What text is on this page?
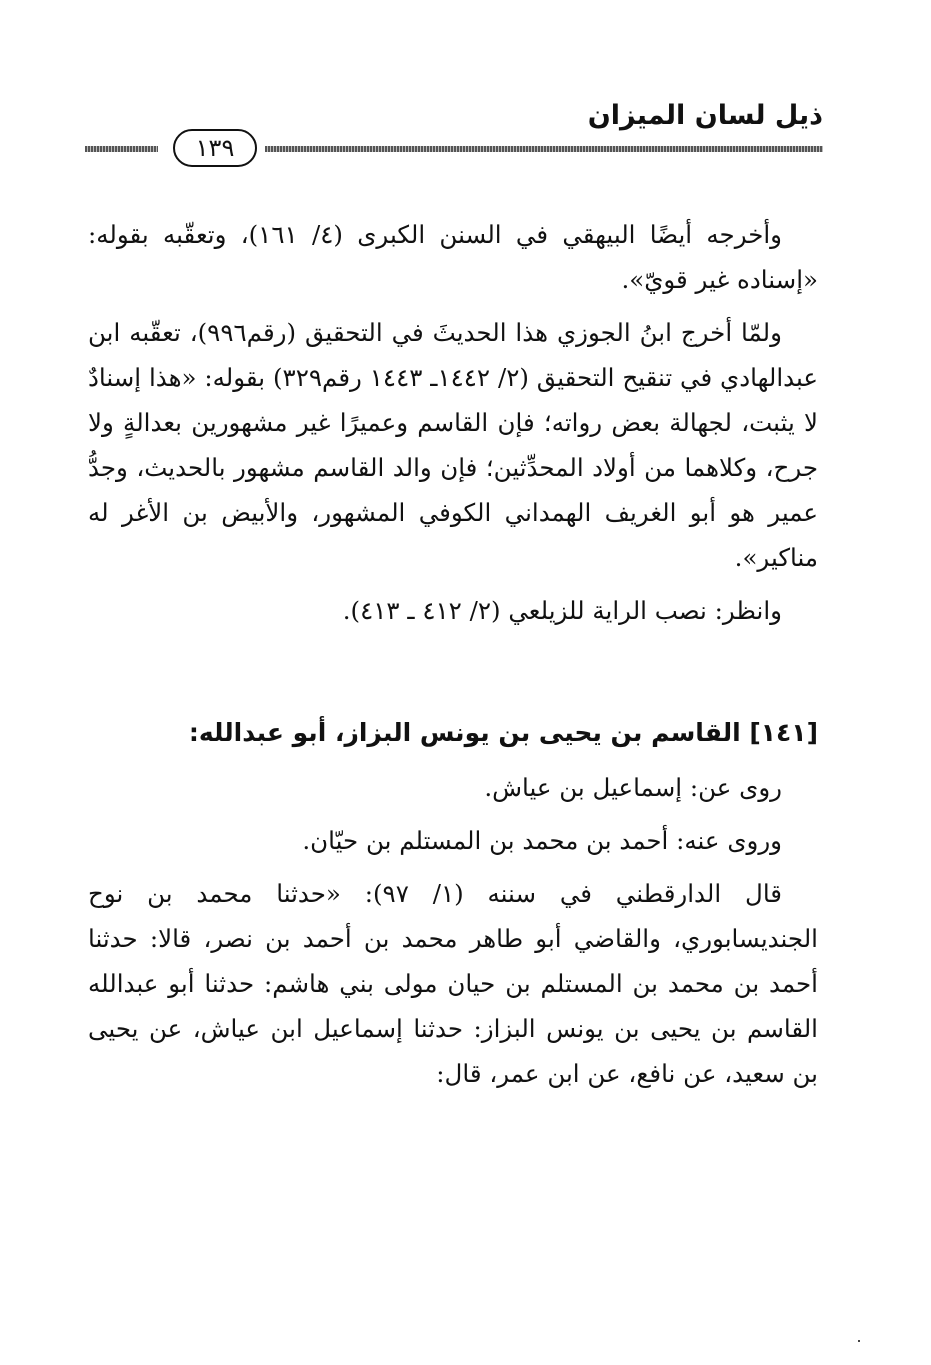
ذيل لسان الميزان
١٣٩

وأخرجه أيضًا البيهقي في السنن الكبرى (٤/ ١٦١)، وتعقّبه بقوله: «إسناده غير قويّ».

ولمّا أخرج ابنُ الجوزي هذا الحديثَ في التحقيق (رقم٩٩٦)، تعقّبه ابن عبدالهادي في تنقيح التحقيق (٢/ ١٤٤٢ـ ١٤٤٣ رقم٣٢٩) بقوله: «هذا إسنادٌ لا يثبت، لجهالة بعض رواته؛ فإن القاسم وعميرًا غير مشهورين بعدالةٍ ولا جرح، وكلاهما من أولاد المحدِّثين؛ فإن والد القاسم مشهور بالحديث، وجدُّ عمير هو أبو الغريف الهمداني الكوفي المشهور، والأبيض بن الأغر له مناكير».

وانظر: نصب الراية للزيلعي (٢/ ٤١٢ ـ ٤١٣).

[١٤١] القاسم بن يحيى بن يونس البزاز، أبو عبدالله:

روى عن: إسماعيل بن عياش.

وروى عنه: أحمد بن محمد بن المستلم بن حيّان.

قال الدارقطني في سننه (١/ ٩٧): «حدثنا محمد بن نوح الجنديسابوري، والقاضي أبو طاهر محمد بن أحمد بن نصر، قالا: حدثنا أحمد بن محمد بن المستلم بن حيان مولى بني هاشم: حدثنا أبو عبدالله القاسم بن يحيى بن يونس البزاز: حدثنا إسماعيل ابن عياش، عن يحيى بن سعيد، عن نافع، عن ابن عمر، قال:
